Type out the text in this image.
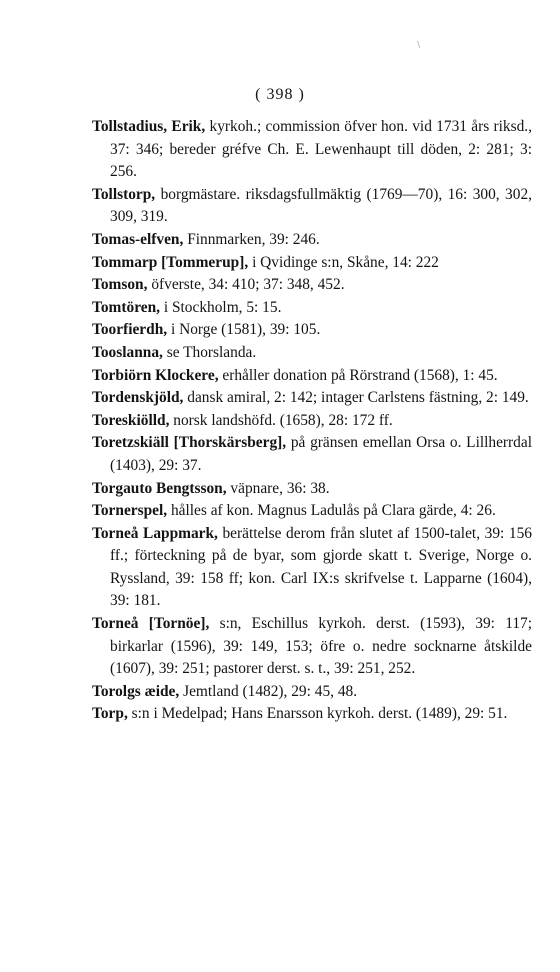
\
( 398 )

Tollstadius, Erik, kyrkoh.; commission öfver hon. vid 1731 års riksd., 37: 346; bereder gréfve Ch. E. Lewenhaupt till döden, 2: 281; 3: 256.

Tollstorp, borgmästare. riksdagsfullmäktig (1769—70), 16: 300, 302, 309, 319.

Tomas-elfven, Finnmarken, 39: 246.

Tommarp [Tommerup], i Qvidinge s:n, Skåne, 14: 222

Tomson, öfverste, 34: 410; 37: 348, 452.

Tomtören, i Stockholm, 5: 15.

Toorfierdh, i Norge (1581), 39: 105.

Tooslanna, se Thorslanda.

Torbiörn Klockere, erhåller donation på Rörstrand (1568), 1: 45.

Tordenskjöld, dansk amiral, 2: 142; intager Carlstens fästning, 2: 149.

Toreskiölld, norsk landshöfd. (1658), 28: 172 ff.

Toretzskiäll [Thorskärsberg], på gränsen emellan Orsa o. Lillherrdal (1403), 29: 37.

Torgauto Bengtsson, väpnare, 36: 38.

Tornerspel, hålles af kon. Magnus Ladulås på Clara gärde, 4: 26.

Torneå Lappmark, berättelse derom från slutet af 1500-talet, 39: 156 ff.; förteckning på de byar, som gjorde skatt t. Sverige, Norge o. Ryssland, 39: 158 ff; kon. Carl IX:s skrifvelse t. Lapparne (1604), 39: 181.

Torneå [Tornöe], s:n, Eschillus kyrkoh. derst. (1593), 39: 117; birkarlar (1596), 39: 149, 153; öfre o. nedre socknarne åtskilde (1607), 39: 251; pastorer derst. s. t., 39: 251, 252.

Torolgs æide, Jemtland (1482), 29: 45, 48.

Torp, s:n i Medelpad; Hans Enarsson kyrkoh. derst. (1489), 29: 51.
